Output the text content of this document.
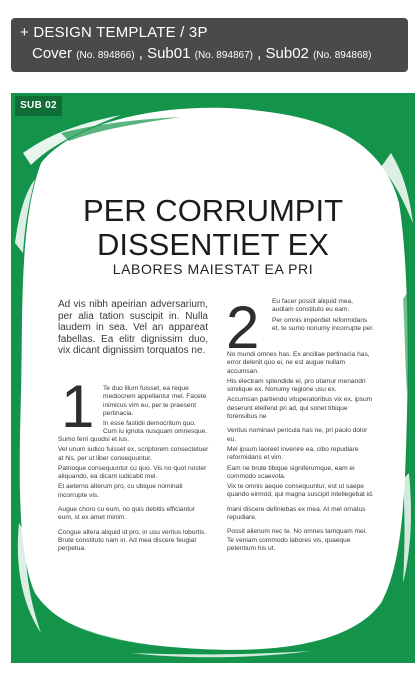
+ DESIGN TEMPLATE / 3P
Cover (No. 894866) , Sub01 (No. 894867) , Sub02 (No. 894868)
SUB 02
PER CORRUMPIT
DISSENTIET EX
LABORES MAIESTAT EA PRI
Ad vis nibh apeirian adversarium, per alia tation suscipit in. Nulla laudem in sea. Vel an appareat fabellas. Ea elitr dignissim duo, vix dicant dignissim torquatos ne.
1
2

Te duo illum fuisset, ea reque mediocrem appellantur mel. Facete inimicus vim eu, per te praesent pertinacia.

In esse fastidii democritum quo. Cum iu ignota nusquam omnesque.

Sumo ferri quodsi et ius.

Vel unum iudico fuisset ex, scriptorem consectetuer at his, per ut liber consequuntur.

Patrioque consequuntur cu quo. Vis no quot noster aliquando, ea dicant iudicabit mel.

Et aeterno alterum pro, cu ubique nominati incorrupte vis.

Augue choro cu eum, no quis debitis efficiantur eum, st ex amet minim.

Congue altera aliquid id pro, in usu veritus lobortis. Brute constituto nam in. Ad mea discere feugiat perpetua.

Eu facer possit aliquid mea, audiam constituto eu eam.

Per omnis imperdiet reformidans et, te sumo nonumy incorrupte per.

No mundi omnes has. Ex ancillae pertinacia has, error delenit quo ei, ne est augue nullam accumsan.

His electram splendide ei, pro utamur menandri similique ex. Nonumy regione usu ex.

Accumsan partiendo vituperatoribus vix ex, ipsum deserunt eleifend pri ad, qui sonet tibique forensibus ne

Veritus nominavi pericula has ne, pri paulo dolor eu.

Mel ipsum laoreet invenire ea, cibo repudiare reformidans et vim.

Eam ne brute tibique signiferumque, eam ei commodo scaevola.

Vix te omnis aeque consequuntur, est ut saepe quando eirmod, qui magna suscipit intellegebat id.

Inani discere definiebas ex mea. At mel ornatus repudiare.

Possit alienum nec te. No omnes tamquam mei. Te veniam commodo labores vis, quaeque petentium his ut.
